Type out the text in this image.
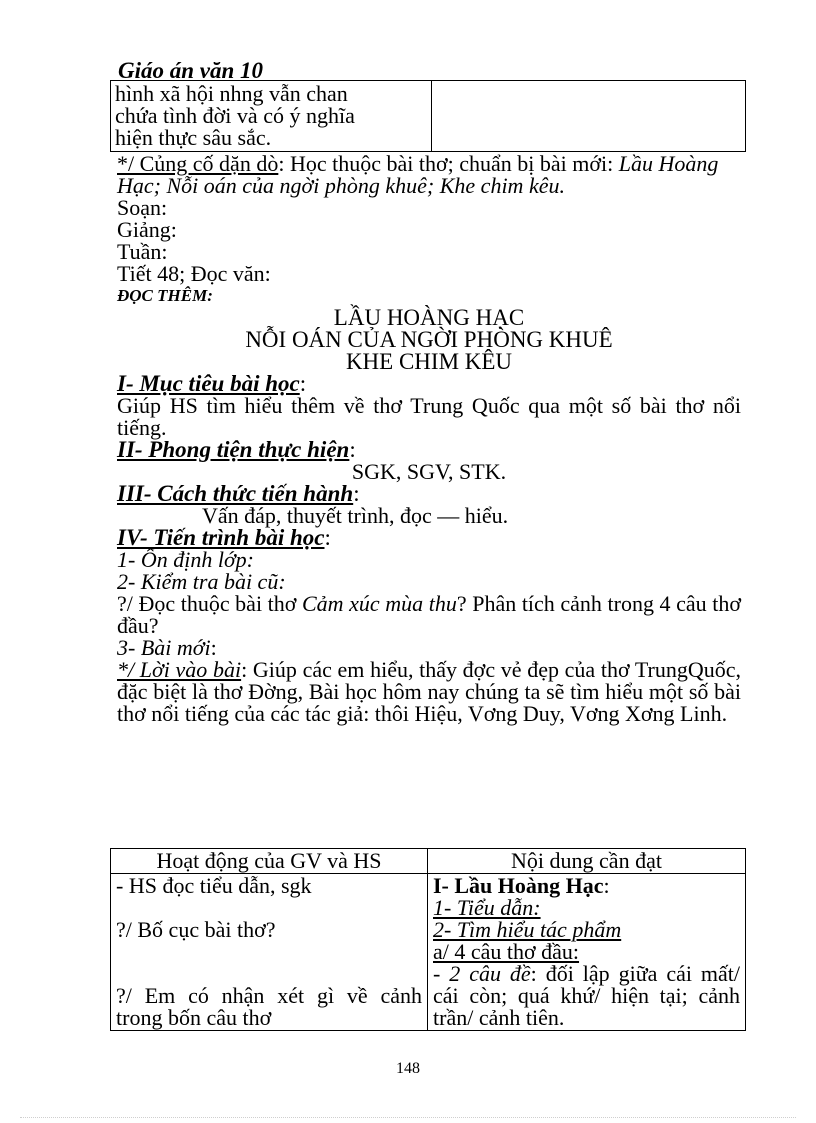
Giáo án văn 10
hình xã hội nhng vẫn chan
chứa tình đời và có ý nghĩa
hiện thực sâu sắc.

*/ Củng cố dặn dò: Học thuộc bài thơ; chuẩn bị bài mới: Lầu Hoàng Hạc; Nỗi oán của ngời phòng khuê; Khe chim kêu.

Soạn:

Giảng:

Tuần:

Tiết 48; Đọc văn:

ĐỌC THÊM:

LẦU HOÀNG HẠC

NỖI OÁN CỦA NGỜI PHÒNG KHUÊ

KHE CHIM KÊU

I- Mục tiêu bài học:

Giúp HS tìm hiểu thêm về thơ Trung Quốc qua một số bài thơ nổi tiếng.

II- Phong tiện thực hiện:

SGK, SGV, STK.

III- Cách thức tiến hành:

Vấn đáp, thuyết trình, đọc — hiểu.

IV- Tiến trình bài học:

1- Ổn định lớp:

2- Kiểm tra bài cũ:

?/ Đọc thuộc bài thơ Cảm xúc mùa thu? Phân tích cảnh trong 4 câu thơ đầu?

3- Bài mới:

*/ Lời vào bài: Giúp các em hiểu, thấy đợc vẻ đẹp của thơ TrungQuốc, đặc biệt là thơ Đờng, Bài học hôm nay chúng ta sẽ tìm hiểu một số bài thơ nổi tiếng của các tác giả: thôi Hiệu, Vơng Duy, Vơng Xơng Linh.

Hoạt động của GV và HS	Nội dung cần đạt

- HS đọc tiểu dẫn, sgk

?/ Bố cục bài thơ?

?/ Em có nhận xét gì về cảnh trong bốn câu thơ	I- Lầu Hoàng Hạc:
1- Tiểu dẫn:
2- Tìm hiểu tác phẩm
a/ 4 câu thơ đầu:
- 2 câu đề: đối lập giữa cái mất/ cái còn; quá khứ/ hiện tại; cảnh trần/ cảnh tiên.
148
